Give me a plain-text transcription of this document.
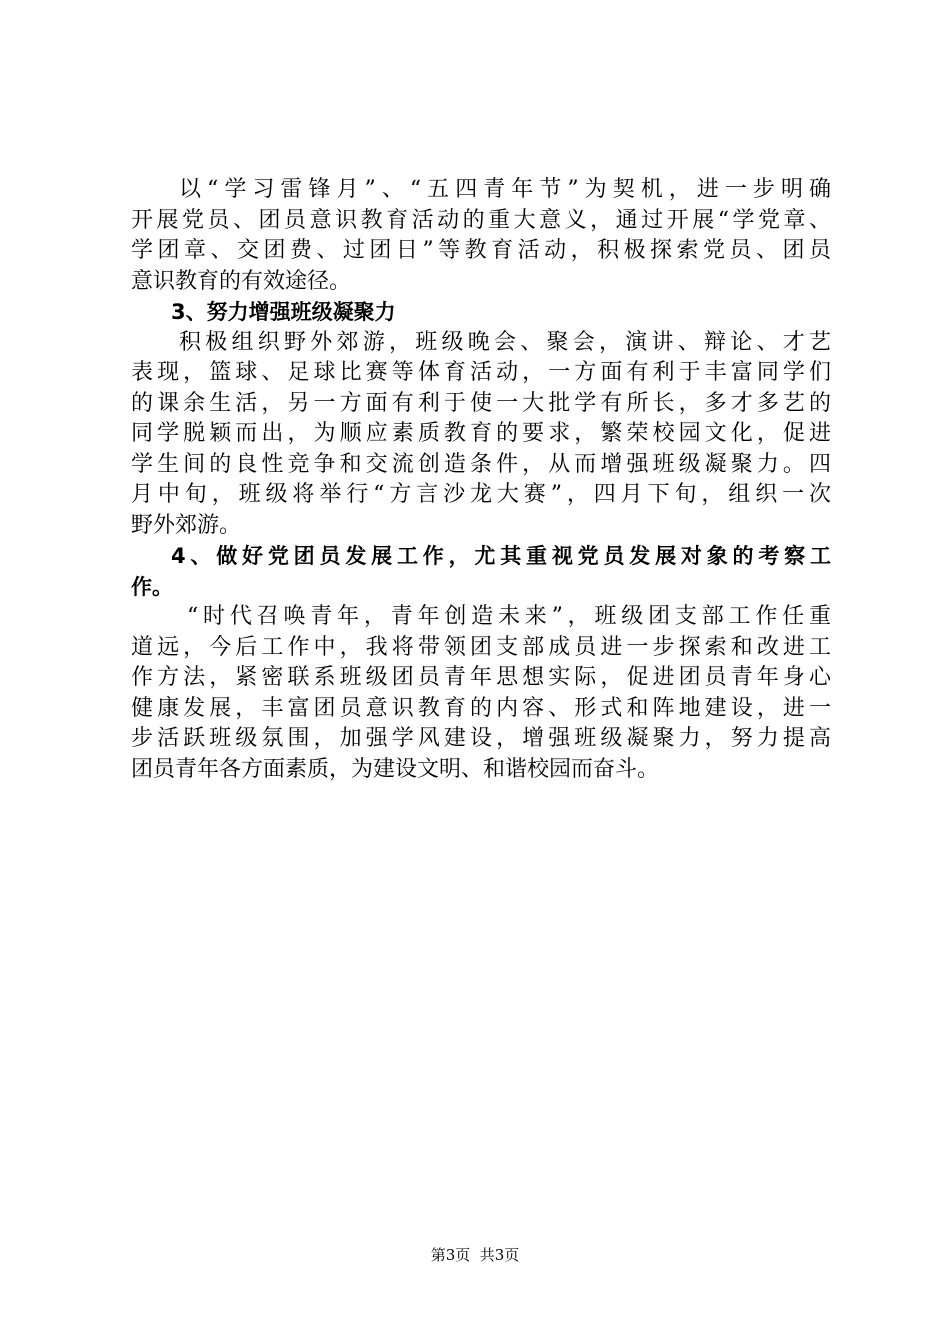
以“学习雷锋月”、“五四青年节”为契机，进一步明确
开展党员、团员意识教育活动的重大意义，通过开展“学党章、
学团章、交团费、过团日”等教育活动，积极探索党员、团员
意识教育的有效途径。
3、努力增强班级凝聚力
积极组织野外郊游，班级晚会、聚会，演讲、辩论、才艺
表现，篮球、足球比赛等体育活动，一方面有利于丰富同学们
的课余生活，另一方面有利于使一大批学有所长，多才多艺的
同学脱颖而出，为顺应素质教育的要求，繁荣校园文化，促进
学生间的良性竞争和交流创造条件，从而增强班级凝聚力。四
月中旬，班级将举行“方言沙龙大赛”，四月下旬，组织一次
野外郊游。
4、做好党团员发展工作，尤其重视党员发展对象的考察工
作。
“时代召唤青年，青年创造未来”，班级团支部工作任重
道远，今后工作中，我将带领团支部成员进一步探索和改进工
作方法，紧密联系班级团员青年思想实际，促进团员青年身心
健康发展，丰富团员意识教育的内容、形式和阵地建设，进一
步活跃班级氛围，加强学风建设，增强班级凝聚力，努力提高
团员青年各方面素质，为建设文明、和谐校园而奋斗。
第3页  共3页
